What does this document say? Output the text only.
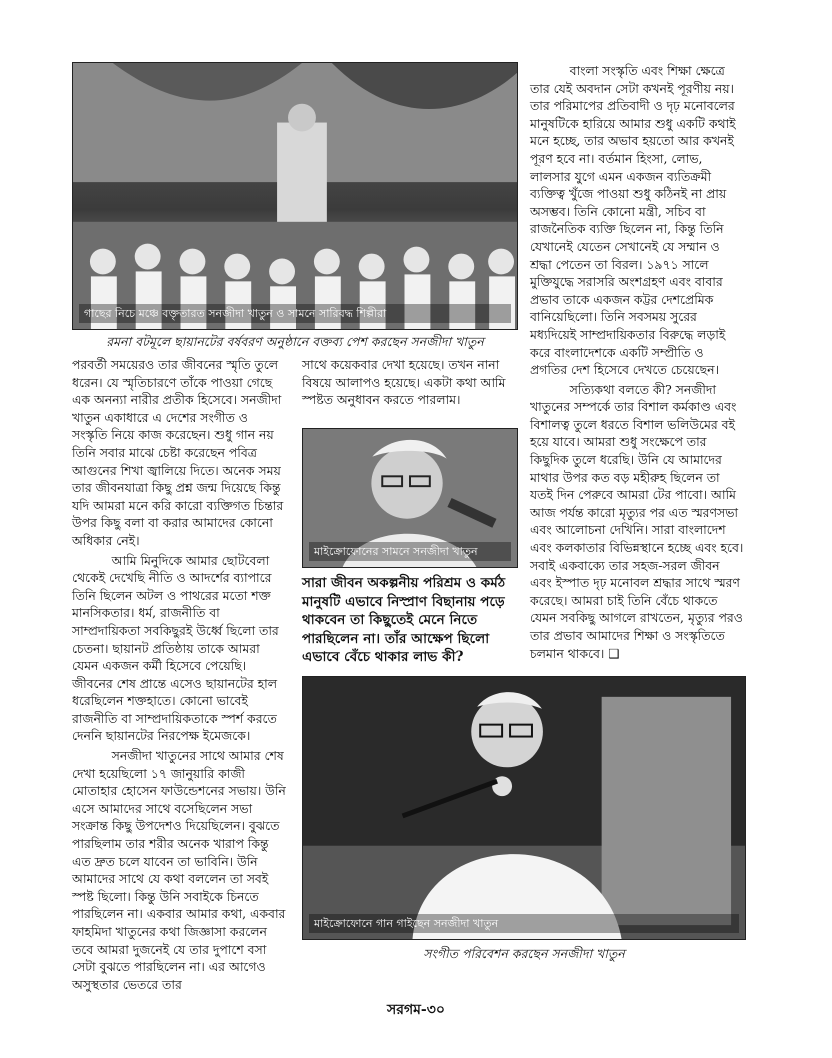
গাছের নিচে মঞ্চে বক্তৃতারত সনজীদা খাতুন ও সামনে সারিবদ্ধ শিল্পীরা
রমনা বটমূলে ছায়ানটের বর্ষবরণ অনুষ্ঠানে বক্তব্য পেশ করছেন সনজীদা খাতুন

পরবর্তী সময়েরও তার জীবনের স্মৃতি তুলে ধরেন। যে স্মৃতিচারণে তাঁকে পাওয়া গেছে এক অনন্যা নারীর প্রতীক হিসেবে। সনজীদা খাতুন একাধারে এ দেশের সংগীত ও সংস্কৃতি নিয়ে কাজ করেছেন। শুধু গান নয় তিনি সবার মাঝে চেষ্টা করেছেন পবিত্র আগুনের শিখা জ্বালিয়ে দিতে। অনেক সময় তার জীবনযাত্রা কিছু প্রশ্ন জন্ম দিয়েছে কিন্তু যদি আমরা মনে করি কারো ব্যক্তিগত চিন্তার উপর কিছু বলা বা করার আমাদের কোনো অধিকার নেই।

আমি মিনুদিকে আমার ছোটবেলা থেকেই দেখেছি নীতি ও আদর্শের ব্যাপারে তিনি ছিলেন অটল ও পাথরের মতো শক্ত মানসিকতার। ধর্ম, রাজনীতি বা সাম্প্রদায়িকতা সবকিছুরই উর্ধ্বে ছিলো তার চেতনা। ছায়ানট প্রতিষ্ঠায় তাকে আমরা যেমন একজন কর্মী হিসেবে পেয়েছি। জীবনের শেষ প্রান্তে এসেও ছায়ানটের হাল ধরেছিলেন শক্তহাতে। কোনো ভাবেই রাজনীতি বা সাম্প্রদায়িকতাকে স্পর্শ করতে দেননি ছায়ানটের নিরপেক্ষ ইমেজকে।

সনজীদা খাতুনের সাথে আমার শেষ দেখা হয়েছিলো ১৭ জানুয়ারি কাজী মোতাহার হোসেন ফাউন্ডেশনের সভায়। উনি এসে আমাদের সাথে বসেছিলেন সভা সংক্রান্ত কিছু উপদেশও দিয়েছিলেন। বুঝতে পারছিলাম তার শরীর অনেক খারাপ কিন্তু এত দ্রুত চলে যাবেন তা ভাবিনি। উনি আমাদের সাথে যে কথা বললেন তা সবই স্পষ্ট ছিলো। কিন্তু উনি সবাইকে চিনতে পারছিলেন না। একবার আমার কথা, একবার ফাহমিদা খাতুনের কথা জিজ্ঞাসা করলেন তবে আমরা দুজনেই যে তার দুপাশে বসা সেটা বুঝতে পারছিলেন না। এর আগেও অসুস্থতার ভেতরে তার

সাথে কয়েকবার দেখা হয়েছে। তখন নানা বিষয়ে আলাপও হয়েছে। একটা কথা আমি স্পষ্টত অনুধাবন করতে পারলাম।

মাইক্রোফোনের সামনে সনজীদা খাতুন
সারা জীবন অকল্পনীয় পরিশ্রম ও কর্মঠ মানুষটি এভাবে নিস্প্রাণ বিছানায় পড়ে থাকবেন তা কিছুতেই মেনে নিতে পারছিলেন না। তাঁর আক্ষেপ ছিলো এভাবে বেঁচে থাকার লাভ কী?

বাংলা সংস্কৃতি এবং শিক্ষা ক্ষেত্রে তার যেই অবদান সেটা কখনই পূরণীয় নয়। তার পরিমাপের প্রতিবাদী ও দৃঢ় মনোবলের মানুষটিকে হারিয়ে আমার শুধু একটি কথাই মনে হচ্ছে, তার অভাব হয়তো আর কখনই পূরণ হবে না। বর্তমান হিংসা, লোভ, লালসার যুগে এমন একজন ব্যতিক্রমী ব্যক্তিত্ব খুঁজে পাওয়া শুধু কঠিনই না প্রায় অসম্ভব। তিনি কোনো মন্ত্রী, সচিব বা রাজনৈতিক ব্যক্তি ছিলেন না, কিন্তু তিনি যেখানেই যেতেন সেখানেই যে সম্মান ও শ্রদ্ধা পেতেন তা বিরল। ১৯৭১ সালে মুক্তিযুদ্ধে সরাসরি অংশগ্রহণ এবং বাবার প্রভাব তাকে একজন কট্টর দেশপ্রেমিক বানিয়েছিলো। তিনি সবসময় সুরের মধ্যদিয়েই সাম্প্রদায়িকতার বিরুদ্ধে লড়াই করে বাংলাদেশকে একটি সম্প্রীতি ও প্রগতির দেশ হিসেবে দেখতে চেয়েছেন।

সত্যিকথা বলতে কী? সনজীদা খাতুনের সম্পর্কে তার বিশাল কর্মকাণ্ড এবং বিশালত্ব তুলে ধরতে বিশাল ভলিউমের বই হয়ে যাবে। আমরা শুধু সংক্ষেপে তার কিছুদিক তুলে ধরেছি। উনি যে আমাদের মাথার উপর কত বড় মহীরুহ ছিলেন তা যতই দিন পেরুবে আমরা টের পাবো। আমি আজ পর্যন্ত কারো মৃত্যুর পর এত স্মরণসভা এবং আলোচনা দেখিনি। সারা বাংলাদেশ এবং কলকাতার বিভিন্নস্থানে হচ্ছে এবং হবে। সবাই একবাক্যে তার সহজ-সরল জীবন এবং ইস্পাত দৃঢ় মনোবল শ্রদ্ধার সাথে স্মরণ করেছে। আমরা চাই তিনি বেঁচে থাকতে যেমন সবকিছু আগলে রাখতেন, মৃত্যুর পরও তার প্রভাব আমাদের শিক্ষা ও সংস্কৃতিতে চলমান থাকবে। ❑

মাইক্রোফোনে গান গাইছেন সনজীদা খাতুন
সংগীত পরিবেশন করছেন সনজীদা খাতুন
সরগম-৩০
